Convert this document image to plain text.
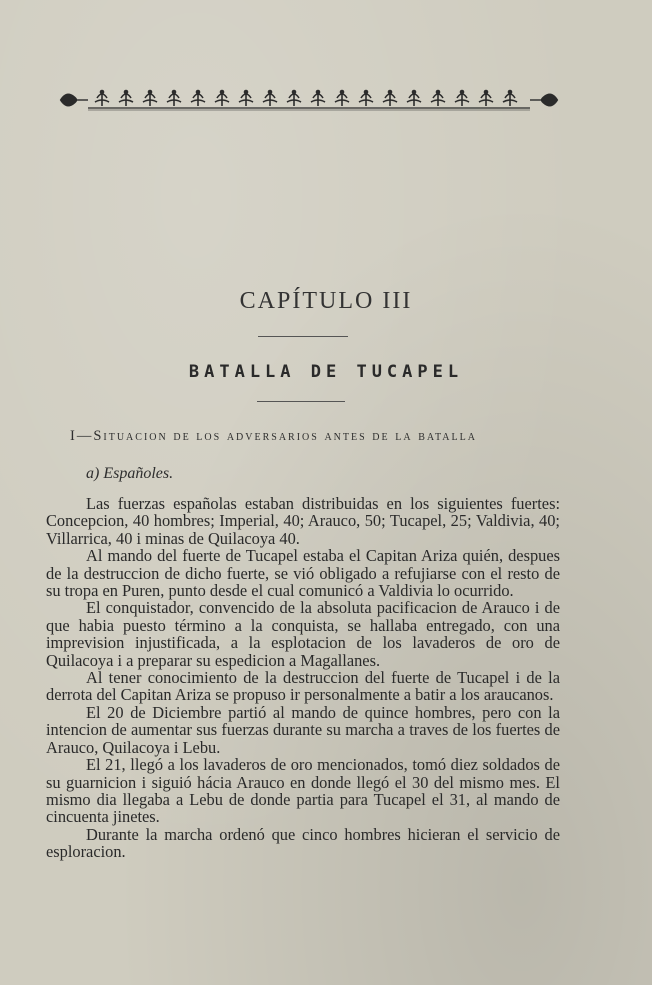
CAPÍTULO III
BATALLA DE TUCAPEL
I—Situacion de los adversarios antes de la batalla
a) Españoles.

Las fuerzas españolas estaban distribuidas en los siguientes fuertes: Concepcion, 40 hombres; Imperial, 40; Arauco, 50; Tucapel, 25; Valdivia, 40; Villarrica, 40 i minas de Quilacoya 40.

Al mando del fuerte de Tucapel estaba el Capitan Ariza quién, despues de la destruccion de dicho fuerte, se vió obligado a refujiarse con el resto de su tropa en Puren, punto desde el cual comunicó a Valdivia lo ocurrido.

El conquistador, convencido de la absoluta pacificacion de Arauco i de que habia puesto término a la conquista, se hallaba entregado, con una imprevision injustificada, a la esplotacion de los lavaderos de oro de Quilacoya i a preparar su espedicion a Magallanes.

Al tener conocimiento de la destruccion del fuerte de Tucapel i de la derrota del Capitan Ariza se propuso ir personalmente a batir a los araucanos.

El 20 de Diciembre partió al mando de quince hombres, pero con la intencion de aumentar sus fuerzas durante su marcha a traves de los fuertes de Arauco, Quilacoya i Lebu.

El 21, llegó a los lavaderos de oro mencionados, tomó diez soldados de su guarnicion i siguió hácia Arauco en donde llegó el 30 del mismo mes. El mismo dia llegaba a Lebu de donde partia para Tucapel el 31, al mando de cincuenta jinetes.

Durante la marcha ordenó que cinco hombres hicieran el servicio de esploracion.
